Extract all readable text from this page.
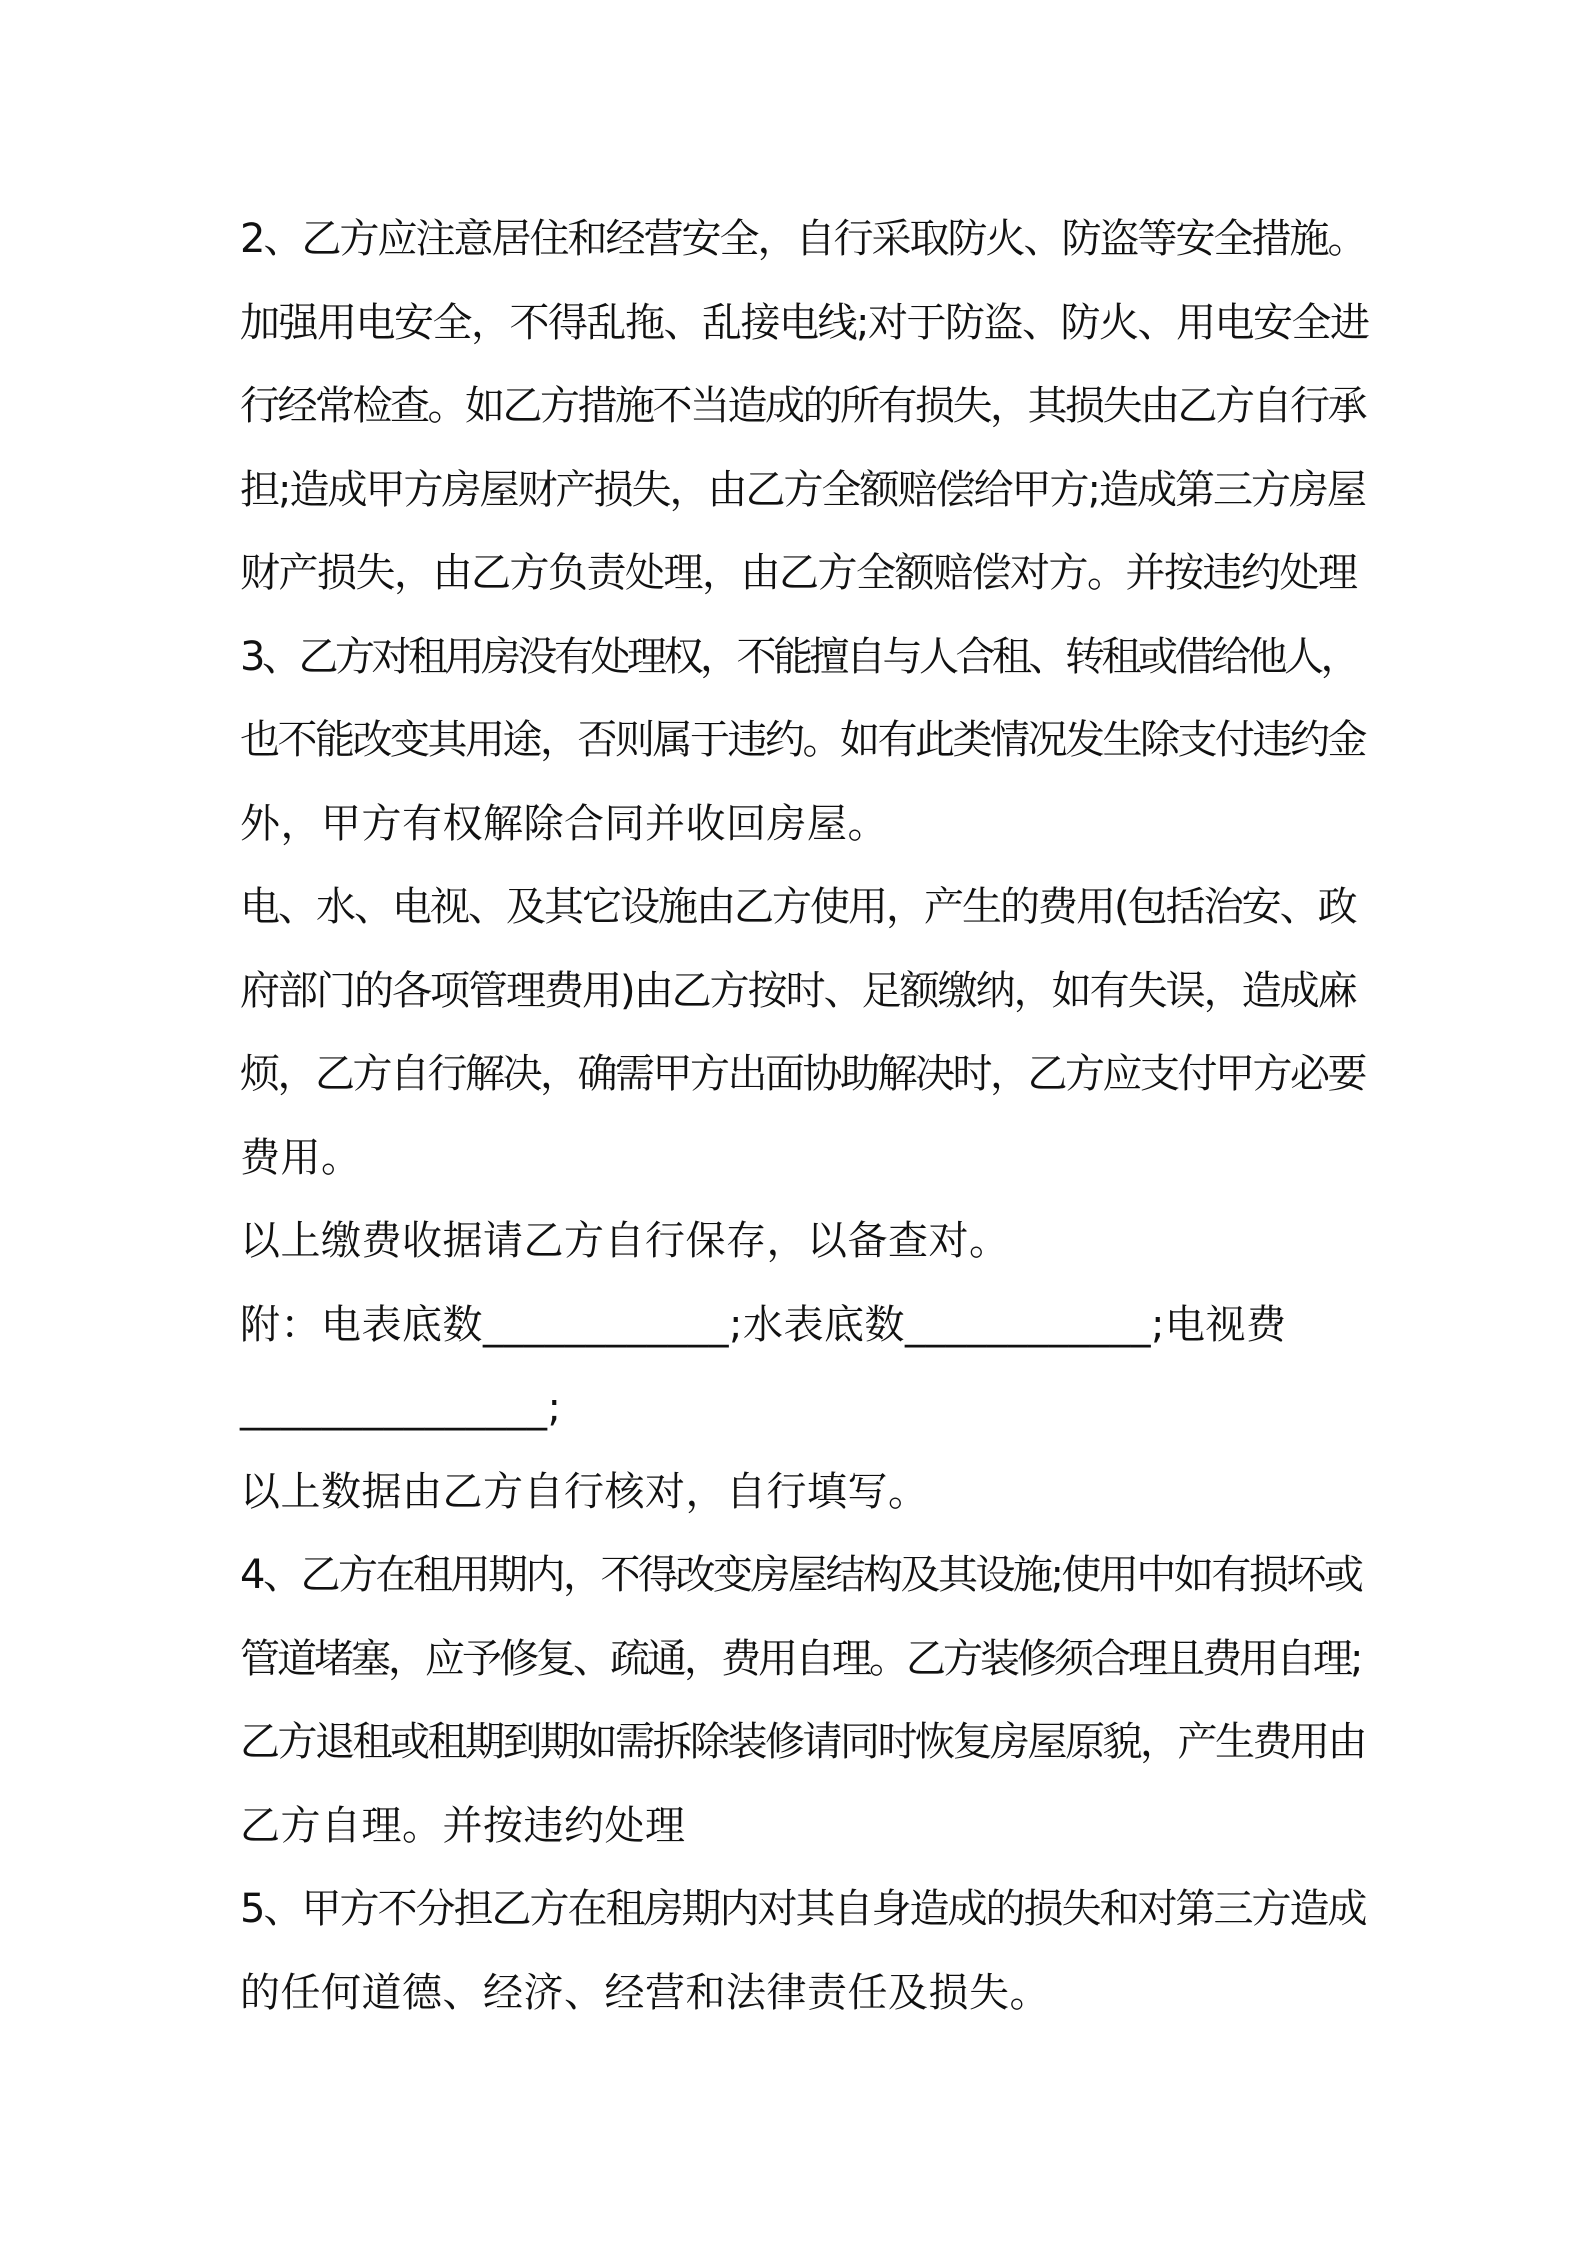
2、乙方应注意居住和经营安全，自行采取防火、防盗等安全措施。
加强用电安全，不得乱拖、乱接电线;对于防盗、防火、用电安全进
行经常检查。如乙方措施不当造成的所有损失，其损失由乙方自行承
担;造成甲方房屋财产损失，由乙方全额赔偿给甲方;造成第三方房屋
财产损失，由乙方负责处理，由乙方全额赔偿对方。并按违约处理
3、乙方对租用房没有处理权，不能擅自与人合租、转租或借给他人，
也不能改变其用途，否则属于违约。如有此类情况发生除支付违约金
外，甲方有权解除合同并收回房屋。
电、水、电视、及其它设施由乙方使用，产生的费用(包括治安、政
府部门的各项管理费用)由乙方按时、足额缴纳，如有失误，造成麻
烦，乙方自行解决，确需甲方出面协助解决时，乙方应支付甲方必要
费用。
以上缴费收据请乙方自行保存，以备查对。
附：电表底数____________;水表底数____________;电视费
_______________;
以上数据由乙方自行核对，自行填写。
4、乙方在租用期内，不得改变房屋结构及其设施;使用中如有损坏或
管道堵塞，应予修复、疏通，费用自理。乙方装修须合理且费用自理;
乙方退租或租期到期如需拆除装修请同时恢复房屋原貌，产生费用由
乙方自理。并按违约处理
5、甲方不分担乙方在租房期内对其自身造成的损失和对第三方造成
的任何道德、经济、经营和法律责任及损失。
